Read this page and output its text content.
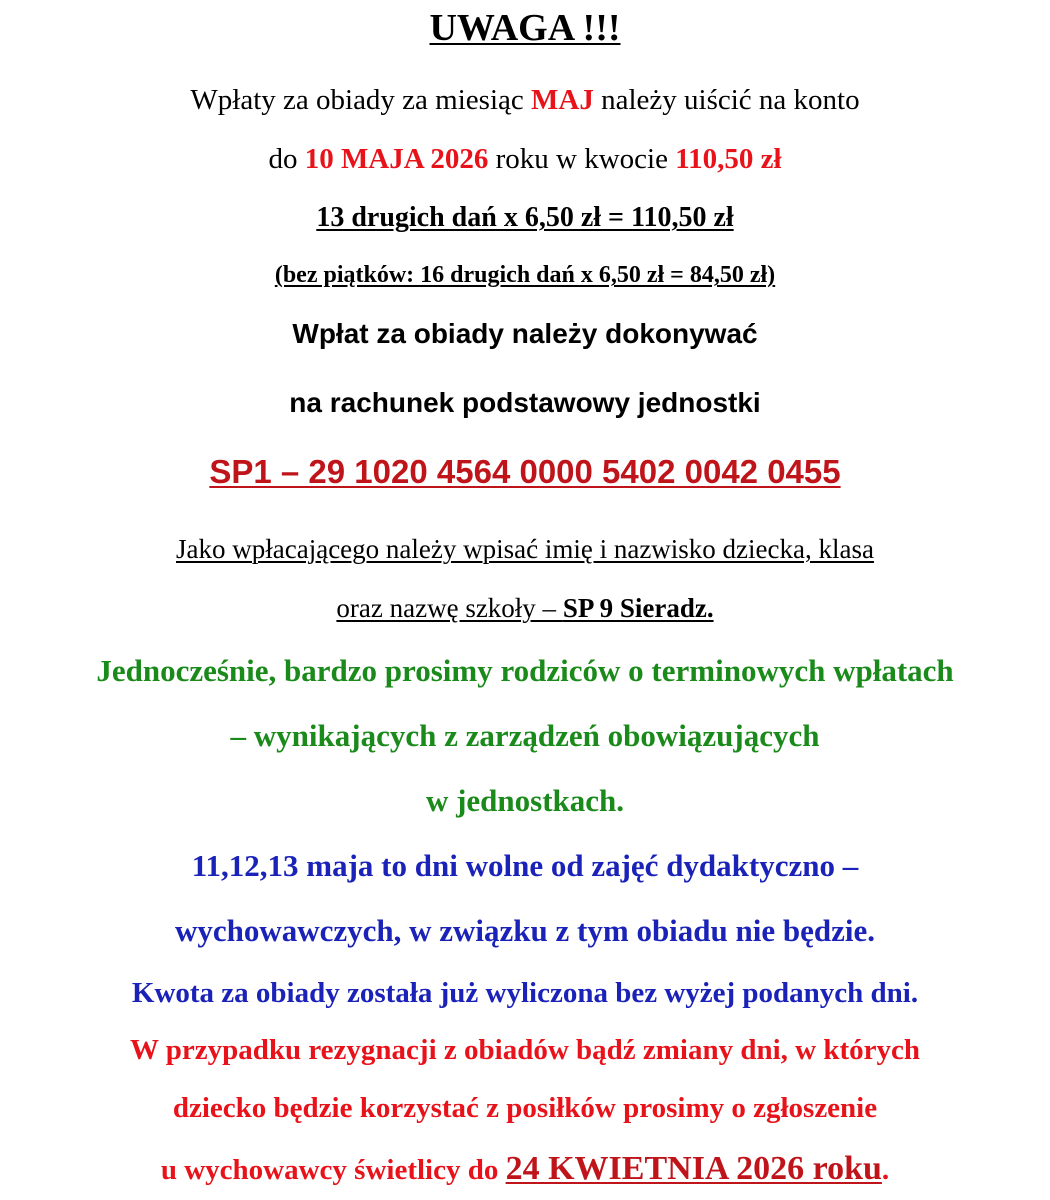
UWAGA !!!
Wpłaty za obiady za miesiąc MAJ należy uiścić na konto
do 10 MAJA 2026 roku w kwocie 110,50 zł
13 drugich dań x 6,50 zł = 110,50 zł
(bez piątków: 16 drugich dań x 6,50 zł = 84,50 zł)
Wpłat za obiady należy dokonywać
na rachunek podstawowy jednostki
SP1 – 29 1020 4564 0000 5402 0042 0455
Jako wpłacającego należy wpisać imię i nazwisko dziecka, klasa
oraz nazwę szkoły – SP 9 Sieradz.
Jednocześnie, bardzo prosimy rodziców o terminowych wpłatach
– wynikających z zarządzeń obowiązujących
w jednostkach.
11,12,13 maja to dni wolne od zajęć dydaktyczno –
wychowawczych, w związku z tym obiadu nie będzie.
Kwota za obiady została już wyliczona bez wyżej podanych dni.
W przypadku rezygnacji z obiadów bądź zmiany dni, w których
dziecko będzie korzystać z posiłków prosimy o zgłoszenie
u wychowawcy świetlicy do 24 KWIETNIA 2026 roku.
